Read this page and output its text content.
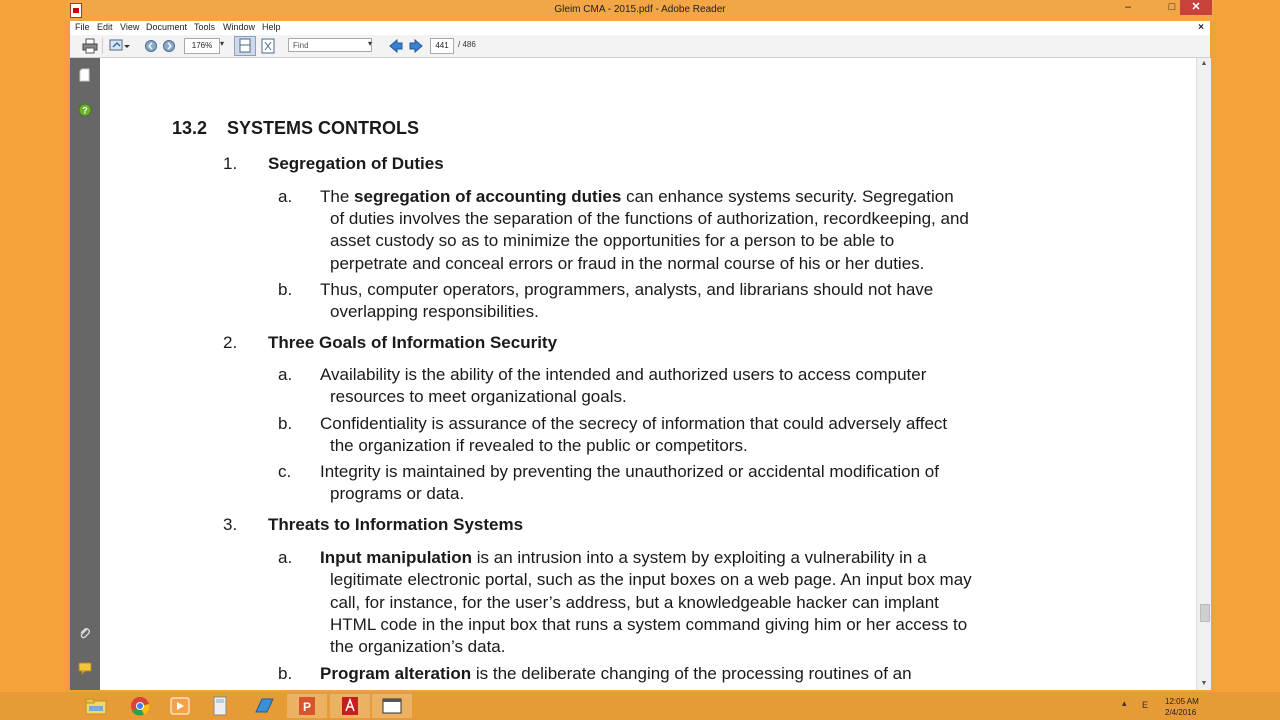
Gleim CMA - 2015.pdf - Adobe Reader	–	□	✕
File Edit View Document Tools Window Help	×
176% ▾	Find	▾	441	/ 486
?
13.2 SYSTEMS CONTROLS
1. Segregation of Duties
a. The segregation of accounting duties can enhance systems security. Segregation
of duties involves the separation of the functions of authorization, recordkeeping, and
asset custody so as to minimize the opportunities for a person to be able to
perpetrate and conceal errors or fraud in the normal course of his or her duties.
b. Thus, computer operators, programmers, analysts, and librarians should not have
overlapping responsibilities.
2. Three Goals of Information Security
a. Availability is the ability of the intended and authorized users to access computer
resources to meet organizational goals.
b. Confidentiality is assurance of the secrecy of information that could adversely affect
the organization if revealed to the public or competitors.
c. Integrity is maintained by preventing the unauthorized or accidental modification of
programs or data.
3. Threats to Information Systems
a. Input manipulation is an intrusion into a system by exploiting a vulnerability in a
legitimate electronic portal, such as the input boxes on a web page. An input box may
call, for instance, for the user’s address, but a knowledgeable hacker can implant
HTML code in the input box that runs a system command giving him or her access to
the organization’s data.
b. Program alteration is the deliberate changing of the processing routines of an
▲
▼
P	▴ E 12:05 AM
2/4/2016
